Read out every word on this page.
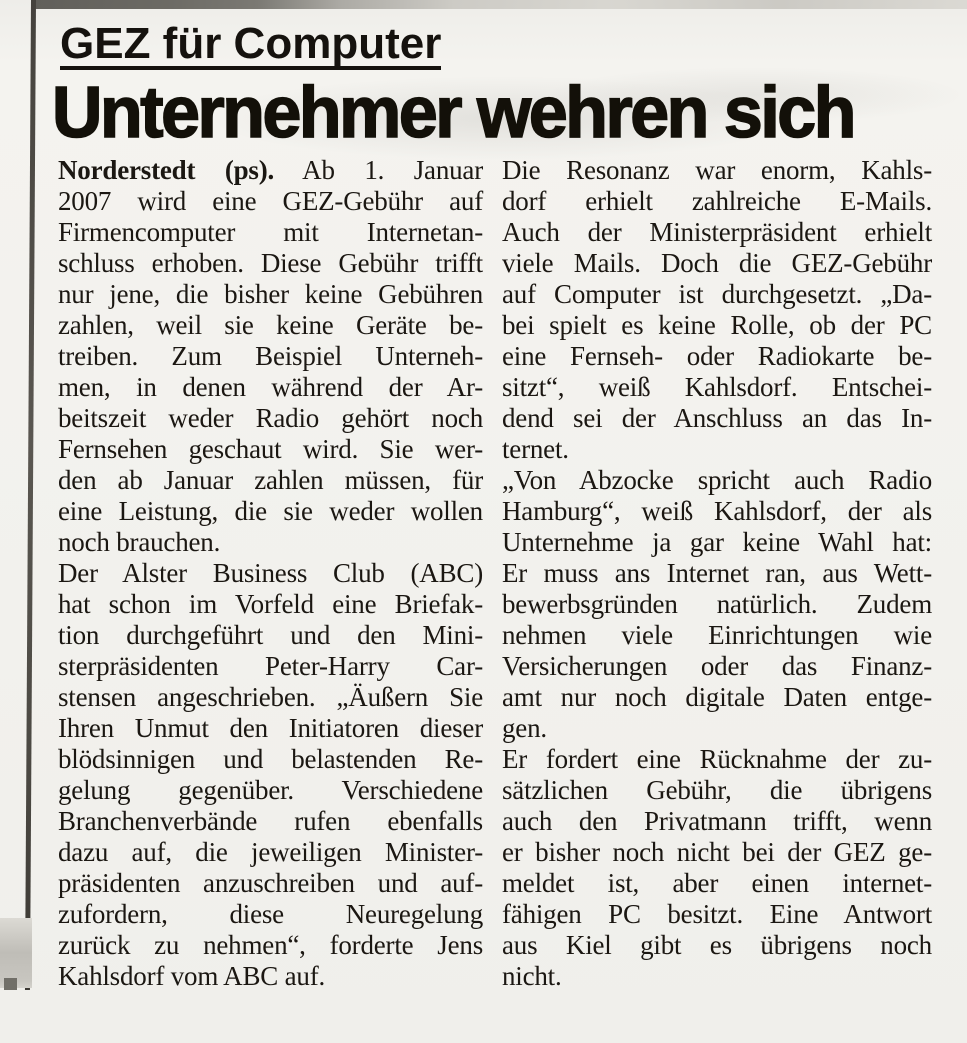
GEZ für Computer
Unternehmer wehren sich
Norderstedt (ps). Ab 1. Januar
2007 wird eine GEZ-Gebühr auf
Firmencomputer mit Internetan-
schluss erhoben. Diese Gebühr trifft
nur jene, die bisher keine Gebühren
zahlen, weil sie keine Geräte be-
treiben. Zum Beispiel Unterneh-
men, in denen während der Ar-
beitszeit weder Radio gehört noch
Fernsehen geschaut wird. Sie wer-
den ab Januar zahlen müssen, für
eine Leistung, die sie weder wollen
noch brauchen.
Der Alster Business Club (ABC)
hat schon im Vorfeld eine Briefak-
tion durchgeführt und den Mini-
sterpräsidenten Peter-Harry Car-
stensen angeschrieben. „Äußern Sie
Ihren Unmut den Initiatoren dieser
blödsinnigen und belastenden Re-
gelung gegenüber. Verschiedene
Branchenverbände rufen ebenfalls
dazu auf, die jeweiligen Minister-
präsidenten anzuschreiben und auf-
zufordern, diese Neuregelung
zurück zu nehmen“, forderte Jens
Kahlsdorf vom ABC auf.
Die Resonanz war enorm, Kahls-
dorf erhielt zahlreiche E-Mails.
Auch der Ministerpräsident erhielt
viele Mails. Doch die GEZ-Gebühr
auf Computer ist durchgesetzt. „Da-
bei spielt es keine Rolle, ob der PC
eine Fernseh- oder Radiokarte be-
sitzt“, weiß Kahlsdorf. Entschei-
dend sei der Anschluss an das In-
ternet.
„Von Abzocke spricht auch Radio
Hamburg“, weiß Kahlsdorf, der als
Unternehme ja gar keine Wahl hat:
Er muss ans Internet ran, aus Wett-
bewerbsgründen natürlich. Zudem
nehmen viele Einrichtungen wie
Versicherungen oder das Finanz-
amt nur noch digitale Daten entge-
gen.
Er fordert eine Rücknahme der zu-
sätzlichen Gebühr, die übrigens
auch den Privatmann trifft, wenn
er bisher noch nicht bei der GEZ ge-
meldet ist, aber einen internet-
fähigen PC besitzt. Eine Antwort
aus Kiel gibt es übrigens noch
nicht.
